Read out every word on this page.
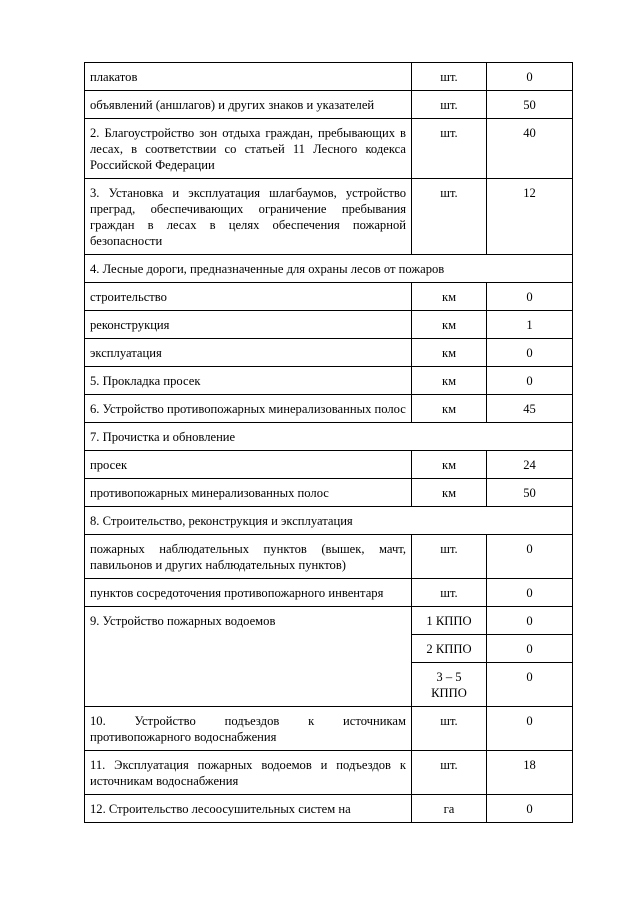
плакатов	шт.	0
объявлений (аншлагов) и других знаков и указателей	шт.	50
2. Благоустройство зон отдыха граждан, пребывающих в лесах, в соответствии со статьей 11 Лесного кодекса Российской Федерации	шт.	40
3. Установка и эксплуатация шлагбаумов, устройство преград, обеспечивающих ограничение пребывания граждан в лесах в целях обеспечения пожарной безопасности	шт.	12
4. Лесные дороги, предназначенные для охраны лесов от пожаров		
строительство	км	0
реконструкция	км	1
эксплуатация	км	0
5. Прокладка просек	км	0
6. Устройство противопожарных минерализованных полос	км	45
7. Прочистка и обновление		
просек	км	24
противопожарных минерализованных полос	км	50
8. Строительство, реконструкция и эксплуатация		
пожарных наблюдательных пунктов (вышек, мачт, павильонов и других наблюдательных пунктов)	шт.	0
пунктов сосредоточения противопожарного инвентаря	шт.	0
9. Устройство пожарных водоемов	1 КППО	0
	2 КППО	0
	3 – 5 КППО	0
10. Устройство подъездов к источникам противопожарного водоснабжения	шт.	0
11. Эксплуатация пожарных водоемов и подъездов к источникам водоснабжения	шт.	18
12. Строительство лесоосушительных систем на	га	0
